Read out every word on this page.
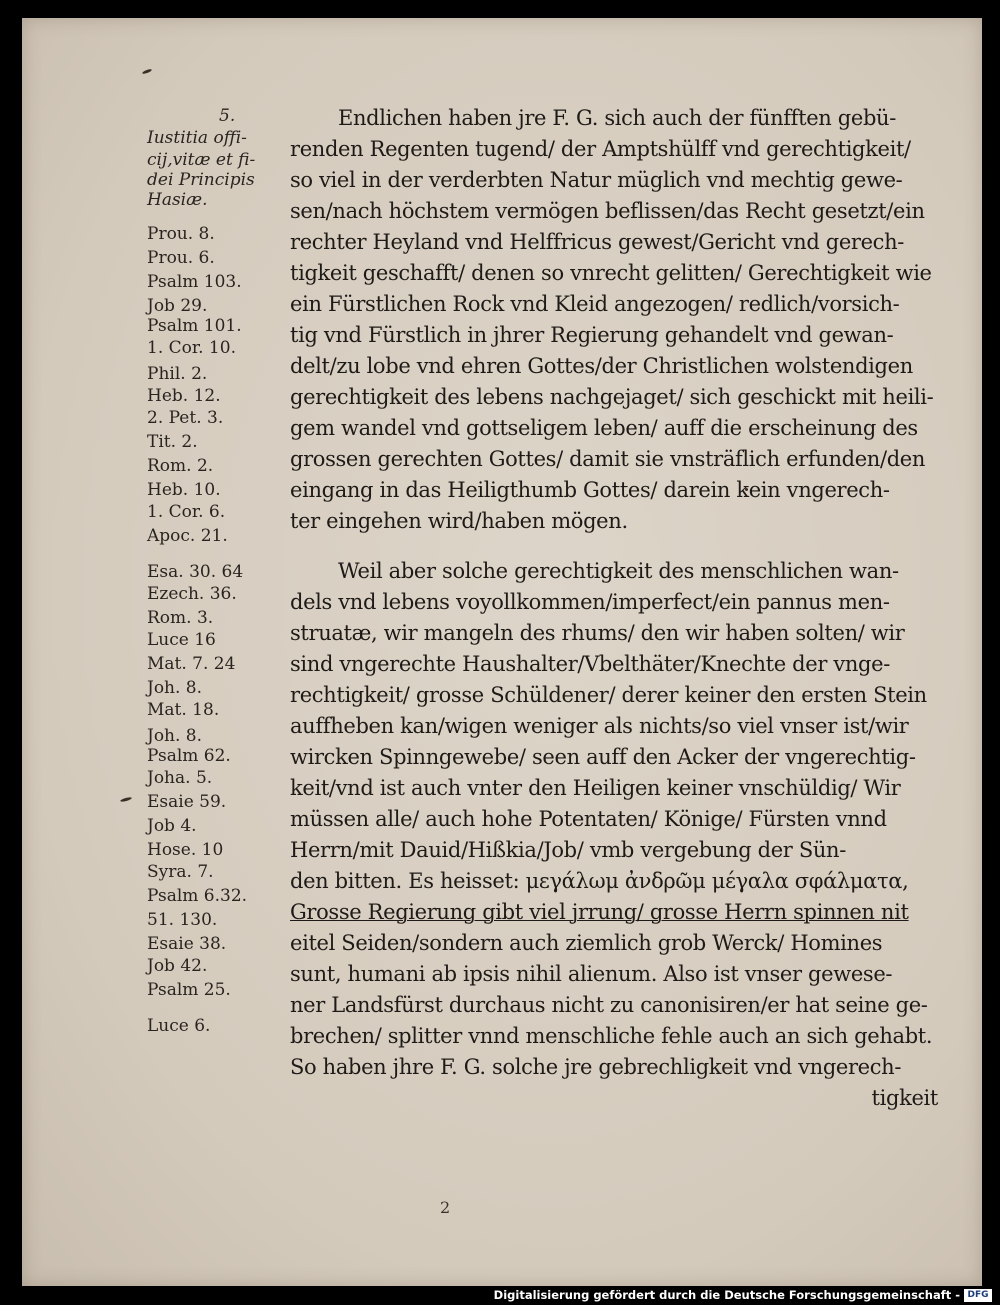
5.
Iustitia offi-
cij,vitæ et fi-
dei Principis
Hasiæ.
Prou. 8.
Prou. 6.
Psalm 103.
Job 29.
Psalm 101.
1. Cor. 10.
Phil. 2.
Heb. 12.
2. Pet. 3.
Tit. 2.
Rom. 2.
Heb. 10.
1. Cor. 6.
Apoc. 21.
Esa. 30. 64
Ezech. 36.
Rom. 3.
Luce 16
Mat. 7. 24
Joh. 8.
Mat. 18.
Joh. 8.
Psalm 62.
Joha. 5.
Esaie 59.
Job 4.
Hose. 10
Syra. 7.
Psalm 6.32.
51. 130.
Esaie 38.
Job 42.
Psalm 25.
Luce 6.
Endlichen haben jre F. G. sich auch der fünfften gebü-
renden Regenten tugend/ der Amptshülff vnd gerechtigkeit/
so viel in der verderbten Natur müglich vnd mechtig gewe-
sen/nach höchstem vermögen beflissen/das Recht gesetzt/ein
rechter Heyland vnd Helffricus gewest/Gericht vnd gerech-
tigkeit geschafft/ denen so vnrecht gelitten/ Gerechtigkeit wie
ein Fürstlichen Rock vnd Kleid angezogen/ redlich/vorsich-
tig vnd Fürstlich in jhrer Regierung gehandelt vnd gewan-
delt/zu lobe vnd ehren Gottes/der Christlichen wolstendigen
gerechtigkeit des lebens nachgejaget/ sich geschickt mit heili-
gem wandel vnd gottseligem leben/ auff die erscheinung des
grossen gerechten Gottes/ damit sie vnsträflich erfunden/den
eingang in das Heiligthumb Gottes/ darein kein vngerech-
ter eingehen wird/haben mögen.
Weil aber solche gerechtigkeit des menschlichen wan-
dels vnd lebens voyollkommen/imperfect/ein pannus men-
struatæ, wir mangeln des rhums/ den wir haben solten/ wir
sind vngerechte Haushalter/Vbelthäter/Knechte der vnge-
rechtigkeit/ grosse Schüldener/ derer keiner den ersten Stein
auffheben kan/wigen weniger als nichts/so viel vnser ist/wir
wircken Spinngewebe/ seen auff den Acker der vngerechtig-
keit/vnd ist auch vnter den Heiligen keiner vnschüldig/ Wir
müssen alle/ auch hohe Potentaten/ Könige/ Fürsten vnnd
Herrn/mit Dauid/Hißkia/Job/ vmb vergebung der Sün-
den bitten. Es heisset: μεγάλωμ ἀνδρῶμ μέγαλα σφάλματα,
Grosse Regierung gibt viel jrrung/ grosse Herrn spinnen nit
eitel Seiden/sondern auch ziemlich grob Werck/ Homines
sunt, humani ab ipsis nihil alienum. Also ist vnser gewese-
ner Landsfürst durchaus nicht zu canonisiren/er hat seine ge-
brechen/ splitter vnnd menschliche fehle auch an sich gehabt.
So haben jhre F. G. solche jre gebrechligkeit vnd vngerech-
tigkeit
2
Digitalisierung gefördert durch die Deutsche Forschungsgemeinschaft - DFG
